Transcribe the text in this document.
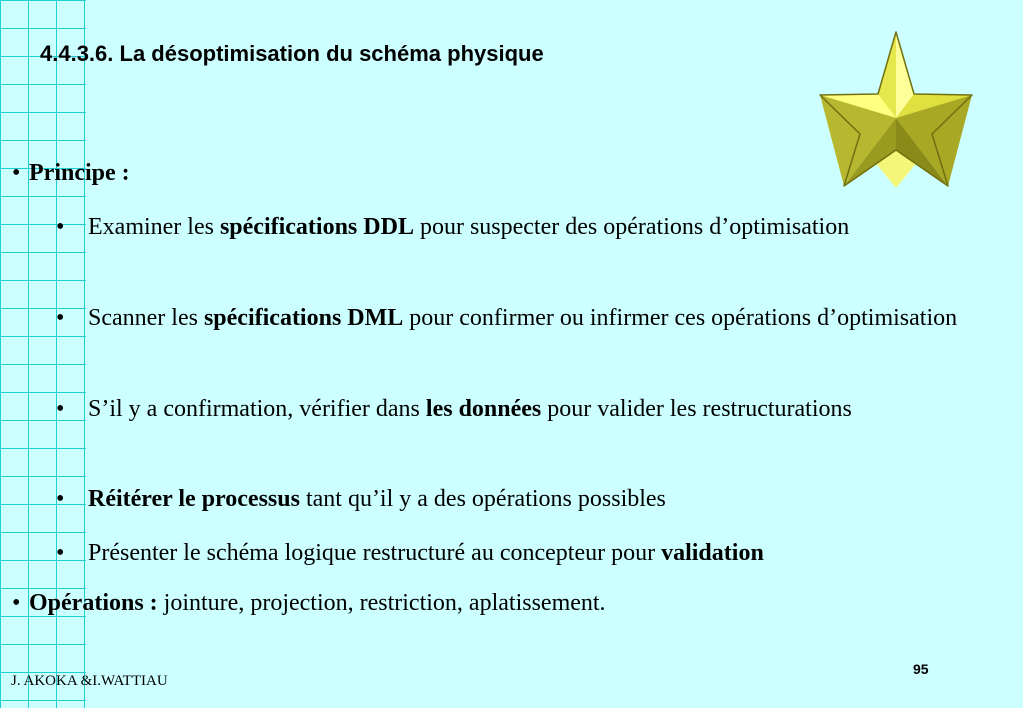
4.4.3.6. La désoptimisation du schéma physique
• Principe :
• Examiner les spécifications DDL pour suspecter des opérations d’optimisation
• Scanner les spécifications DML pour confirmer ou infirmer ces opérations d’optimisation
• S’il y a confirmation, vérifier dans les données pour valider les restructurations
• Réitérer le processus tant qu’il y a des opérations possibles
• Présenter le schéma logique restructuré au concepteur pour validation
• Opérations : jointure, projection, restriction, aplatissement.
J. AKOKA &I.WATTIAU
95
